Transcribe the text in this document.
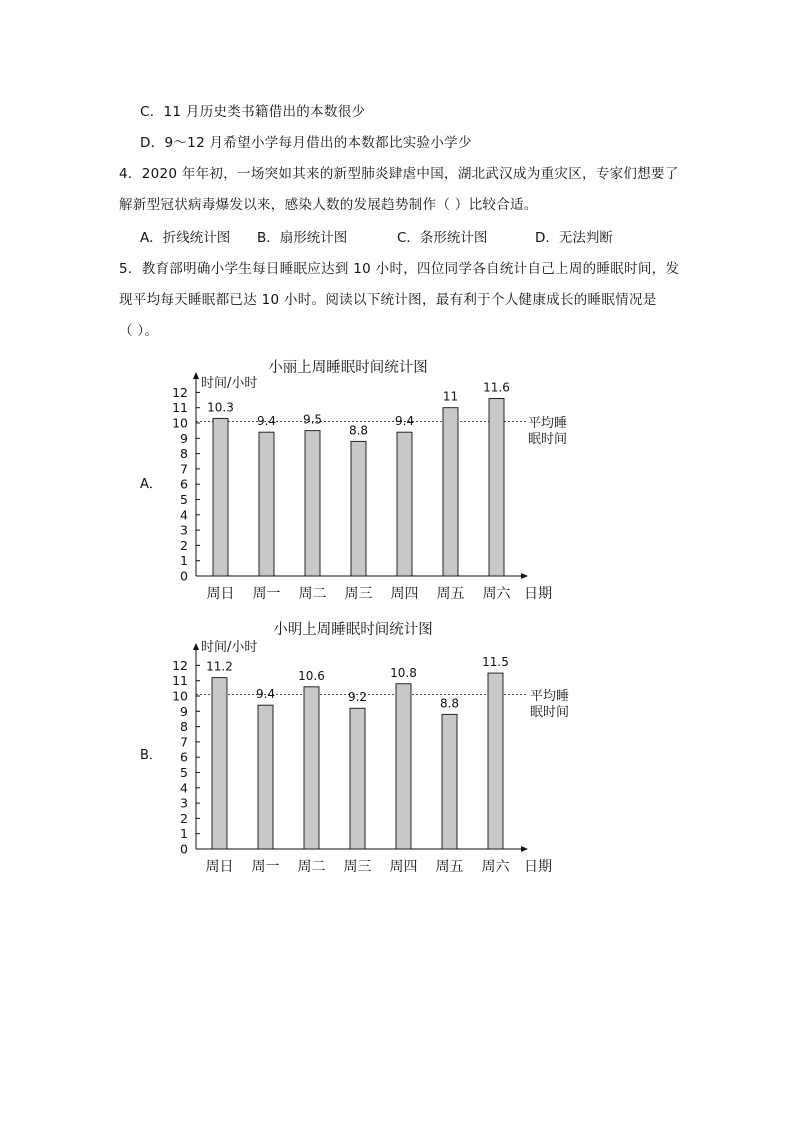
C．11 月历史类书籍借出的本数很少
D．9～12 月希望小学每月借出的本数都比实验小学少
4．2020 年年初，一场突如其来的新型肺炎肆虐中国，湖北武汉成为重灾区，专家们想要了
解新型冠状病毒爆发以来，感染人数的发展趋势制作（ ）比较合适。
A．折线统计图 B．扇形统计图	C．条形统计图	D．无法判断
5．教育部明确小学生每日睡眠应达到 10 小时，四位同学各自统计自己上周的睡眠时间，发
现平均每天睡眠都已达 10 小时。阅读以下统计图，最有利于个人健康成长的睡眠情况是
（ ）。
A．
B．
小丽上周睡眠时间统计图
时间/小时
日期
0
1
2
3
4
5
6
7
8
9
10
11
12
平均睡
眠时间
10.3
周日
9.4
周一
9.5
周二
8.8
周三
9.4
周四
11
周五
11.6
周六
小明上周睡眠时间统计图
时间/小时
日期
0
1
2
3
4
5
6
7
8
9
10
11
12
平均睡
眠时间
11.2
周日
9.4
周一
10.6
周二
9.2
周三
10.8
周四
8.8
周五
11.5
周六
